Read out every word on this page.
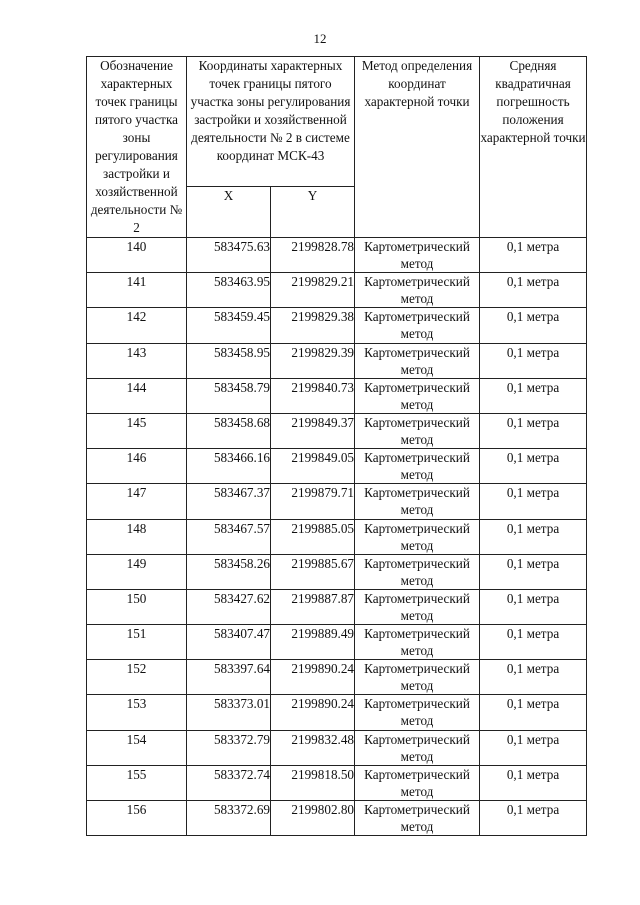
12
Обозначение характерных точек границы пятого участка зоны регулирования застройки и хозяйственной деятельности № 2	Координаты характерных точек границы пятого участка зоны регулирования застройки и хозяйственной деятельности № 2 в системе координат МСК-43		Метод определения координат характерной точки	Средняя квадратичная погрешность положения характерной точки
	X	Y		
140	583475.63	2199828.78	Картометрический метод	0,1 метра
141	583463.95	2199829.21	Картометрический метод	0,1 метра
142	583459.45	2199829.38	Картометрический метод	0,1 метра
143	583458.95	2199829.39	Картометрический метод	0,1 метра
144	583458.79	2199840.73	Картометрический метод	0,1 метра
145	583458.68	2199849.37	Картометрический метод	0,1 метра
146	583466.16	2199849.05	Картометрический метод	0,1 метра
147	583467.37	2199879.71	Картометрический метод	0,1 метра
148	583467.57	2199885.05	Картометрический метод	0,1 метра
149	583458.26	2199885.67	Картометрический метод	0,1 метра
150	583427.62	2199887.87	Картометрический метод	0,1 метра
151	583407.47	2199889.49	Картометрический метод	0,1 метра
152	583397.64	2199890.24	Картометрический метод	0,1 метра
153	583373.01	2199890.24	Картометрический метод	0,1 метра
154	583372.79	2199832.48	Картометрический метод	0,1 метра
155	583372.74	2199818.50	Картометрический метод	0,1 метра
156	583372.69	2199802.80	Картометрический метод	0,1 метра
